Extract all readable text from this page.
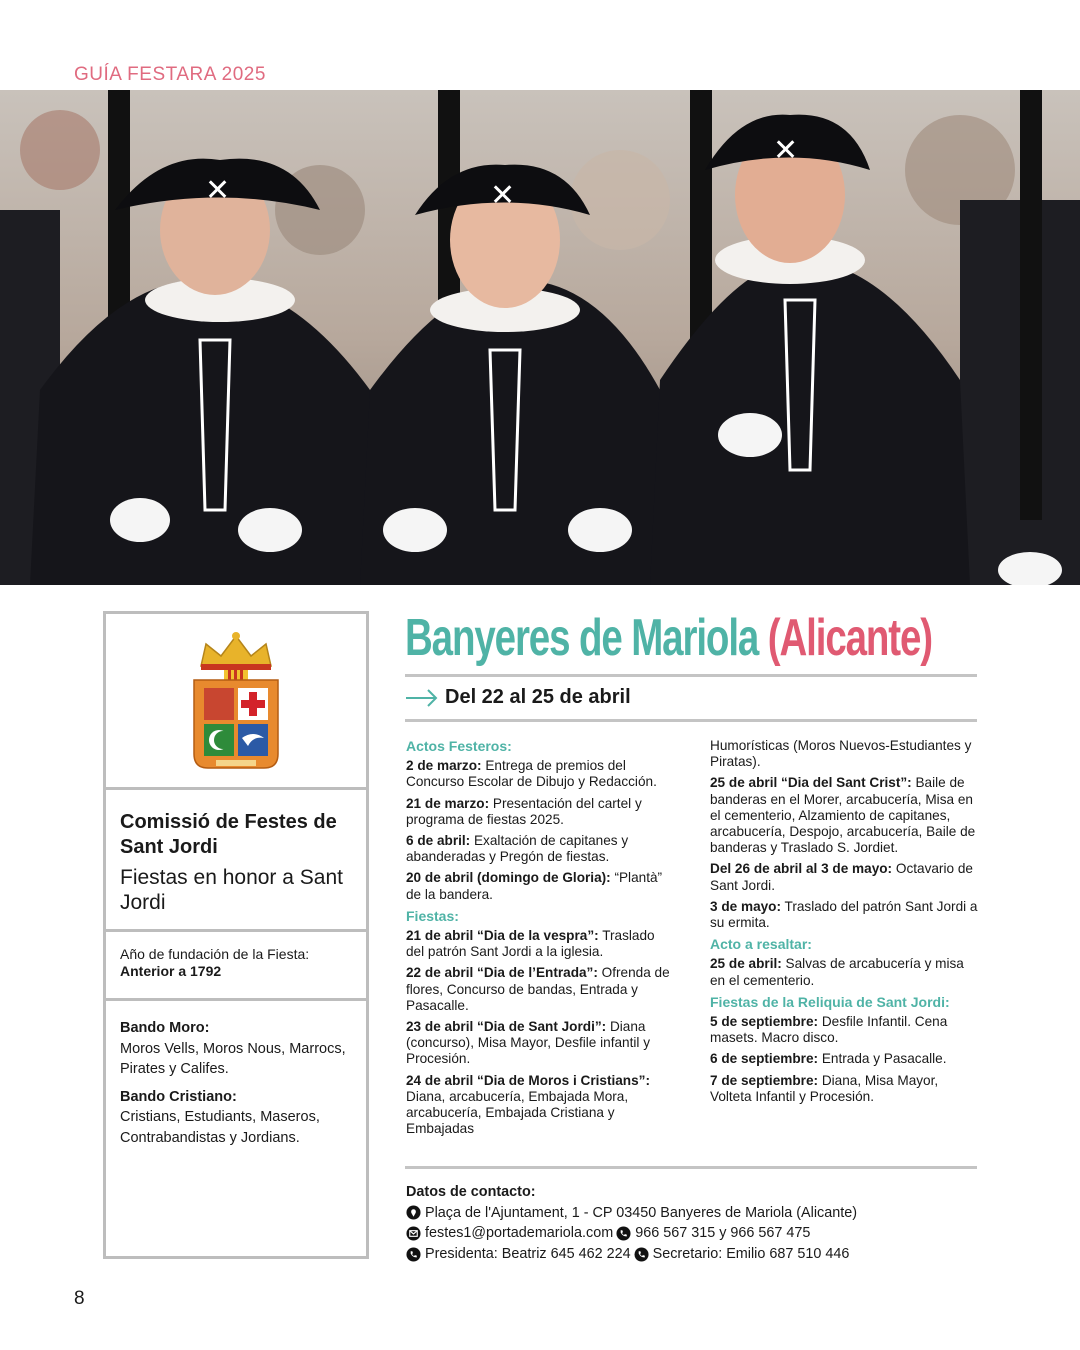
GUÍA FESTARA 2025
✕	✕
✕
Comissió de Festes de Sant Jordi
Fiestas en honor a Sant Jordi
Año de fundación de la Fiesta: Anterior a 1792
Bando Moro:
Moros Vells, Moros Nous, Marrocs, Pirates y Califes.
Bando Cristiano:
Cristians, Estudiants, Maseros, Contrabandistas y Jordians.
Banyeres de Mariola (Alicante)
Del 22 al 25 de abril
Actos Festeros:
2 de marzo: Entrega de premios del Concurso Escolar de Dibujo y Redacción.
21 de marzo: Presentación del cartel y programa de fiestas 2025.
6 de abril: Exaltación de capitanes y abanderadas y Pregón de fiestas.
20 de abril (domingo de Gloria): “Plantà” de la bandera.
Fiestas:
21 de abril “Dia de la vespra”: Traslado del patrón Sant Jordi a la iglesia.
22 de abril “Dia de l’Entrada”: Ofrenda de flores, Concurso de bandas, Entrada y Pasacalle.
23 de abril “Dia de Sant Jordi”: Diana (concurso), Misa Mayor, Desfile infantil y Procesión.
24 de abril “Dia de Moros i Cristians”: Diana, arcabucería, Embajada Mora, arcabucería, Embajada Cristiana y Embajadas
Humorísticas (Moros Nuevos-Estudiantes y Piratas).
25 de abril “Dia del Sant Crist”: Baile de banderas en el Morer, arcabucería, Misa en el cementerio, Alzamiento de capitanes, arcabucería, Despojo, arcabucería, Baile de banderas y Traslado S. Jordiet.
Del 26 de abril al 3 de mayo: Octavario de Sant Jordi.
3 de mayo: Traslado del patrón Sant Jordi a su ermita.
Acto a resaltar:
25 de abril: Salvas de arcabucería y misa en el cementerio.
Fiestas de la Reliquia de Sant Jordi:
5 de septiembre: Desfile Infantil. Cena masets. Macro disco.
6 de septiembre: Entrada y Pasacalle.
7 de septiembre: Diana, Misa Mayor, Volteta Infantil y Procesión.
Datos de contacto:
Plaça de l'Ajuntament, 1 - CP 03450 Banyeres de Mariola (Alicante)
festes1@portademariola.com 966 567 315 y 966 567 475
Presidenta: Beatriz 645 462 224 Secretario: Emilio 687 510 446
8
